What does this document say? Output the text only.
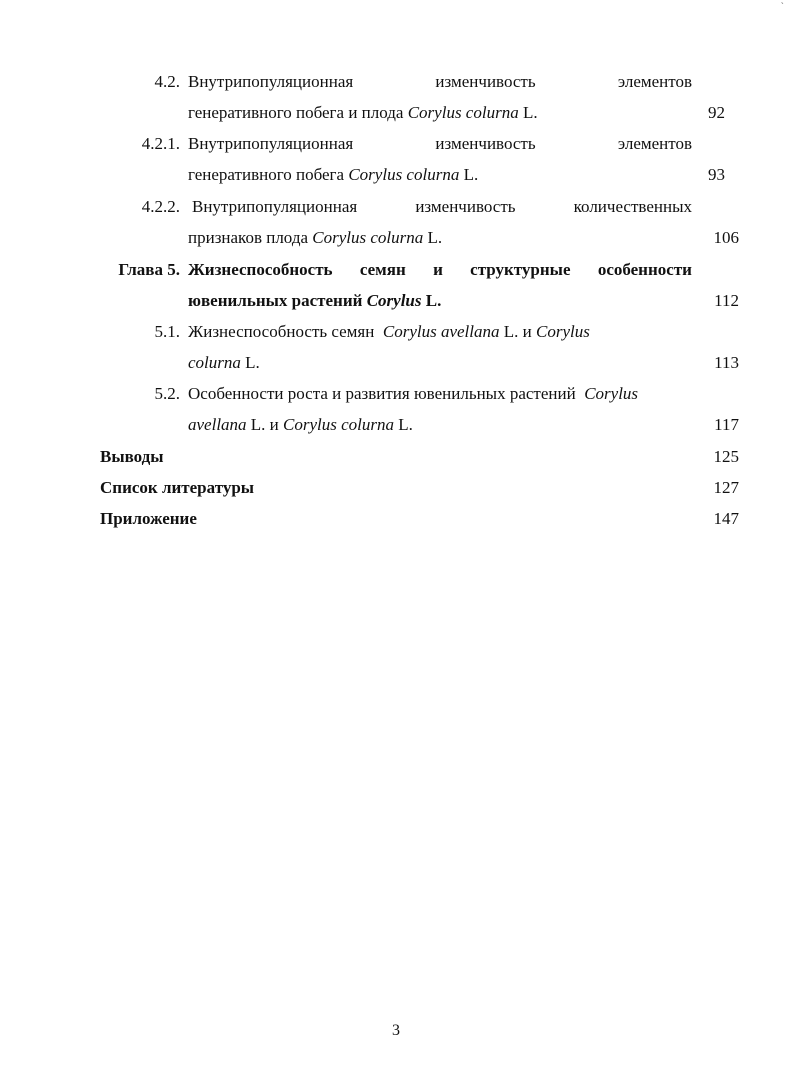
`
4.2. Внутрипопуляционная	изменчивость	элементов
генеративного побега и плода Corylus colurna L.	92
4.2.1. Внутрипопуляционная	изменчивость	элементов
генеративного побега Corylus colurna L.	93
4.2.2. Внутрипопуляционная	изменчивость	количественных
признаков плода Corylus colurna L.	106
Глава 5. Жизнеспособность семян и структурные особенности
ювенильных растений Corylus L.	112
5.1. Жизнеспособность семян  Corylus avellana L. и Corylus
colurna L.	113
5.2. Особенности роста и развития ювенильных растений  Corylus
avellana L. и Corylus colurna L.	117
Выводы	125
Список литературы	127
Приложение	147
3
